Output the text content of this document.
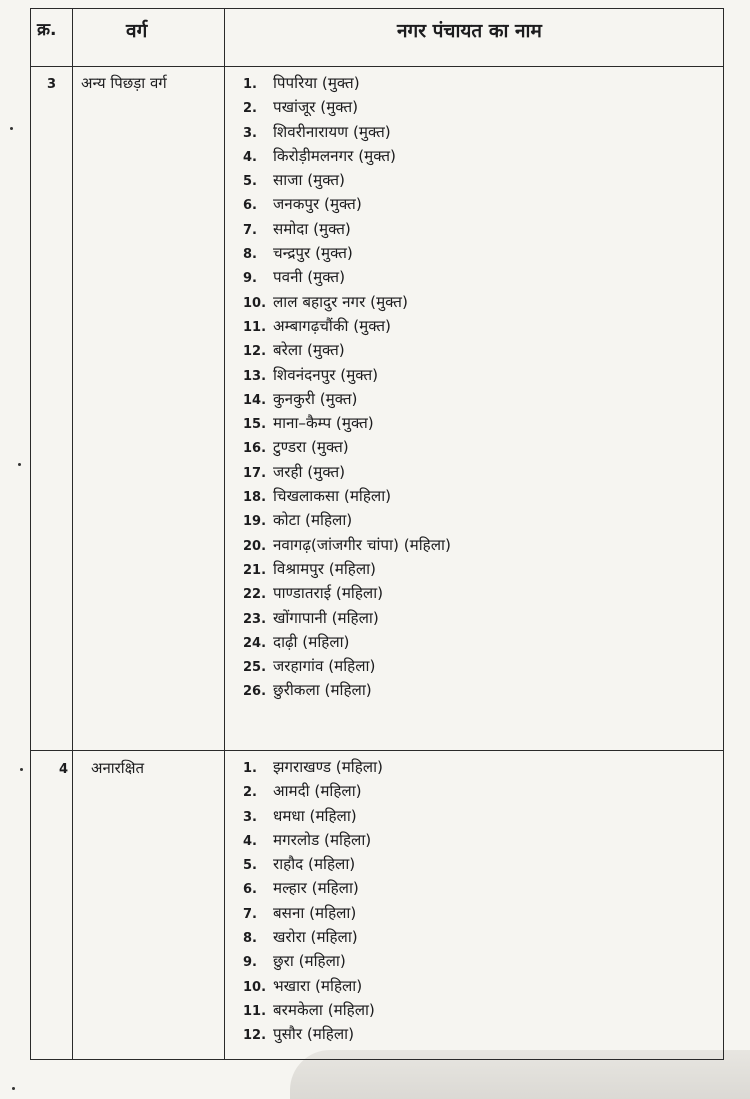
क्र.	वर्ग	नगर पंचायत का नाम
3 अन्य पिछड़ा वर्ग	1. पिपरिया (मुक्त)
2. पखांजूर (मुक्त)
3. शिवरीनारायण (मुक्त)
4. किरोड़ीमलनगर (मुक्त)
5. साजा (मुक्त)
6. जनकपुर (मुक्त)
7. समोदा (मुक्त)
8. चन्द्रपुर (मुक्त)
9. पवनी (मुक्त)
10. लाल बहादुर नगर (मुक्त)
11. अम्बागढ़चौंकी (मुक्त)
12. बरेला (मुक्त)
13. शिवनंदनपुर (मुक्त)
14. कुनकुरी (मुक्त)
15. माना–कैम्प (मुक्त)
16. टुण्डरा (मुक्त)
17. जरही (मुक्त)
18. चिखलाकसा (महिला)
19. कोटा (महिला)
20. नवागढ़(जांजगीर चांपा) (महिला)
21. विश्रामपुर (महिला)
22. पाण्डातराई (महिला)
23. खोंगापानी (महिला)
24. दाढ़ी (महिला)
25. जरहागांव (महिला)
26. छुरीकला (महिला)
4 अनारक्षित	1. झगराखण्ड (महिला)
2. आमदी (महिला)
3. धमधा (महिला)
4. मगरलोड (महिला)
5. राहौद (महिला)
6. मल्हार (महिला)
7. बसना (महिला)
8. खरोरा (महिला)
9. छुरा (महिला)
10. भखारा (महिला)
11. बरमकेला (महिला)
12. पुसौर (महिला)
